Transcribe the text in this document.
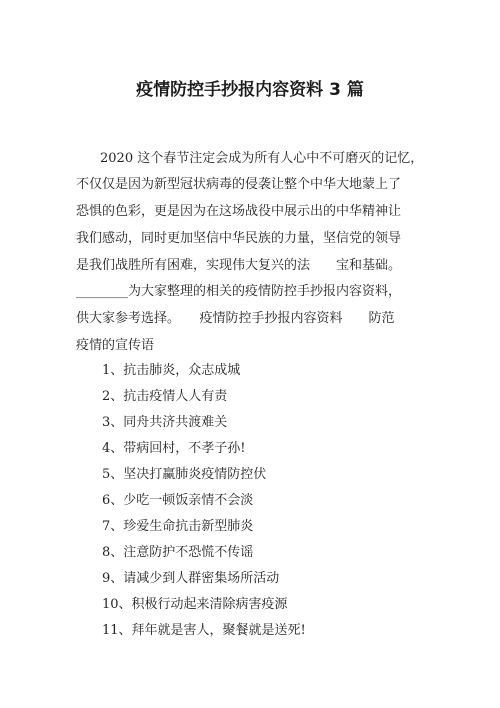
疫情防控手抄报内容资料 3 篇
2020 这个春节注定会成为所有人心中不可磨灭的记忆，
不仅仅是因为新型冠状病毒的侵袭让整个中华大地蒙上了
恐惧的色彩，更是因为在这场战役中展示出的中华精神让
我们感动，同时更加坚信中华民族的力量，坚信党的领导
是我们战胜所有困难，实现伟大复兴的法　　宝和基础。
________为大家整理的相关的疫情防控手抄报内容资料，
供大家参考选择。　　疫情防控手抄报内容资料　　防范
疫情的宣传语
1、抗击肺炎，众志成城
2、抗击疫情人人有责
3、同舟共济共渡难关
4、带病回村，不孝子孙!
5、坚决打赢肺炎疫情防控伏
6、少吃一顿饭亲情不会淡
7、珍爱生命抗击新型肺炎
8、注意防护不恐慌不传谣
9、请减少到人群密集场所活动
10、积极行动起来清除病害疫源
11、拜年就是害人，聚餐就是送死!
